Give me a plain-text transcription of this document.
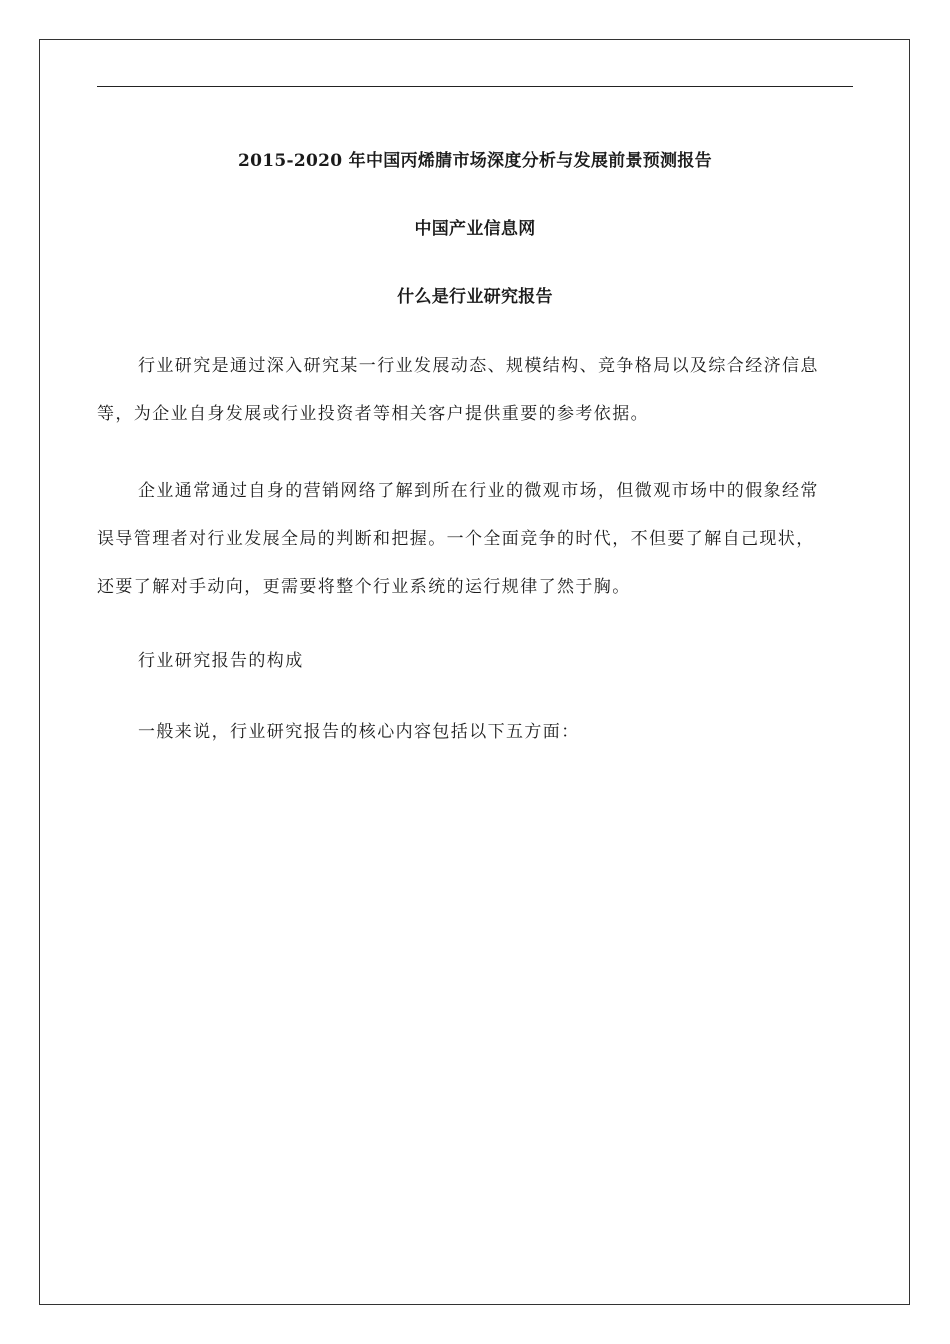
2015-2020 年中国丙烯腈市场深度分析与发展前景预测报告
中国产业信息网
什么是行业研究报告

行业研究是通过深入研究某一行业发展动态、规模结构、竞争格局以及综合经济信息
等，为企业自身发展或行业投资者等相关客户提供重要的参考依据。

企业通常通过自身的营销网络了解到所在行业的微观市场，但微观市场中的假象经常
误导管理者对行业发展全局的判断和把握。一个全面竞争的时代，不但要了解自己现状，
还要了解对手动向，更需要将整个行业系统的运行规律了然于胸。

行业研究报告的构成

一般来说，行业研究报告的核心内容包括以下五方面：
